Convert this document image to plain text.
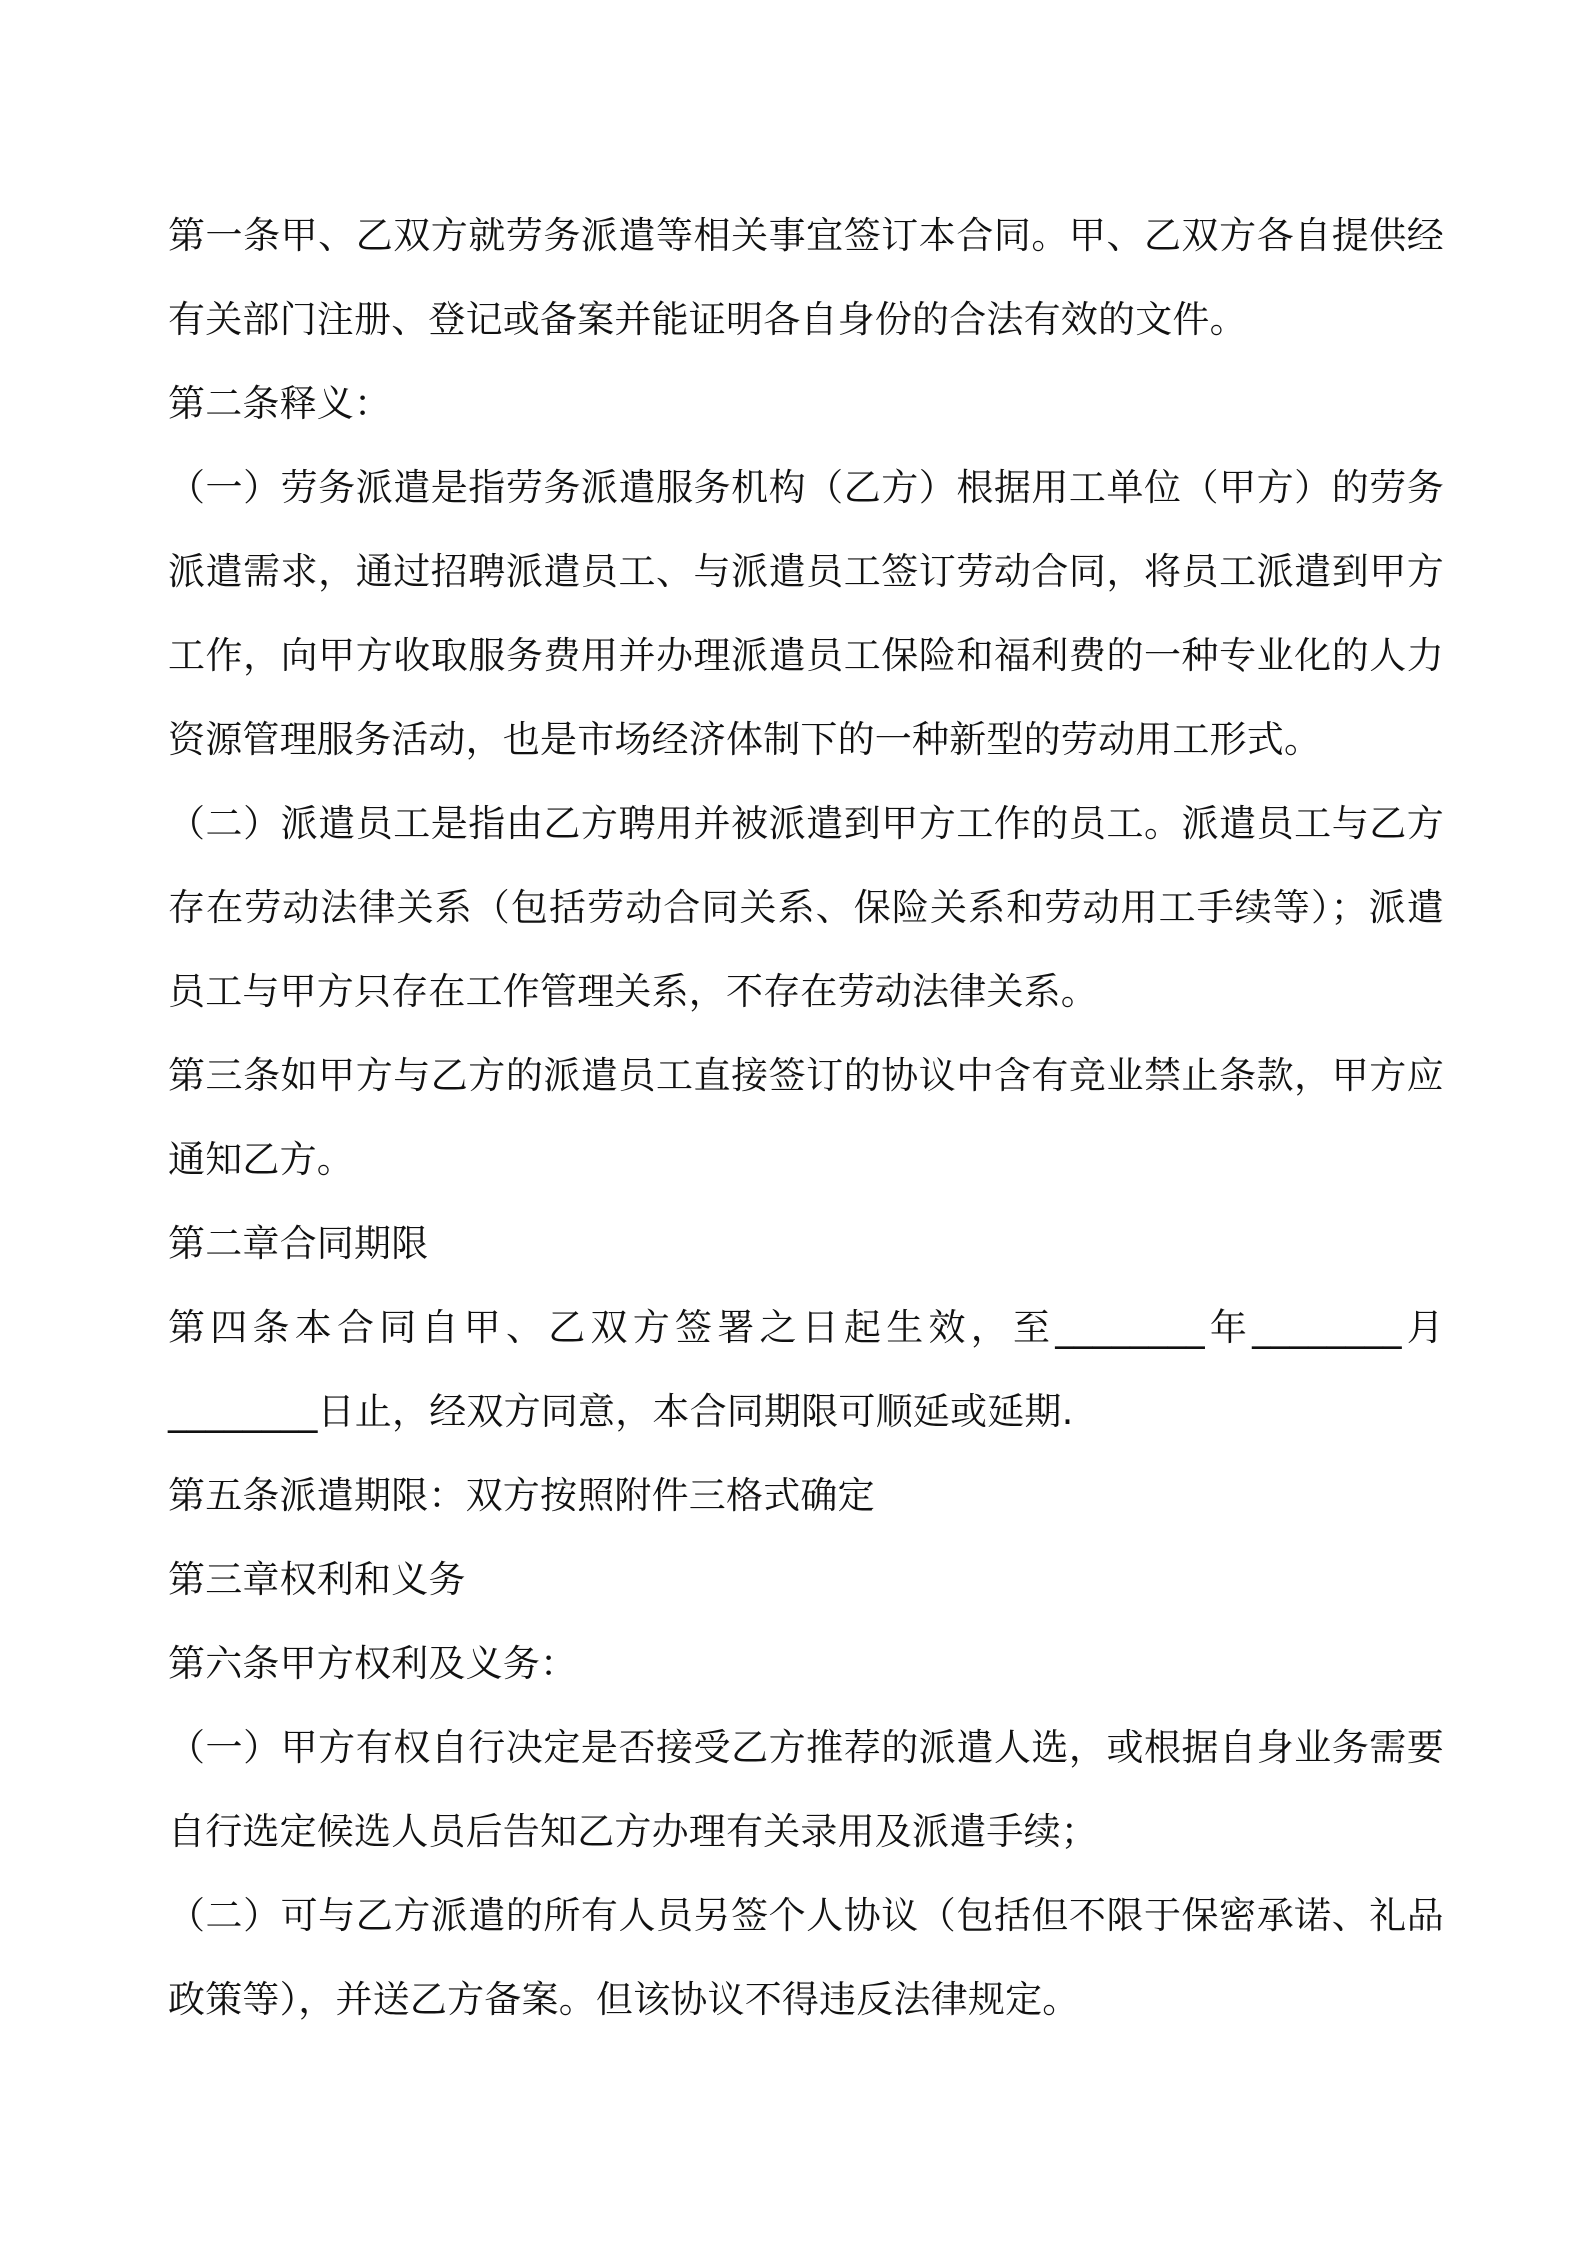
第一条甲、乙双方就劳务派遣等相关事宜签订本合同。甲、乙双方各自提供经有关部门注册、登记或备案并能证明各自身份的合法有效的文件。

第二条释义：

（一）劳务派遣是指劳务派遣服务机构（乙方）根据用工单位（甲方）的劳务派遣需求，通过招聘派遣员工、与派遣员工签订劳动合同，将员工派遣到甲方工作，向甲方收取服务费用并办理派遣员工保险和福利费的一种专业化的人力资源管理服务活动，也是市场经济体制下的一种新型的劳动用工形式。

（二）派遣员工是指由乙方聘用并被派遣到甲方工作的员工。派遣员工与乙方存在劳动法律关系（包括劳动合同关系、保险关系和劳动用工手续等）；派遣员工与甲方只存在工作管理关系，不存在劳动法律关系。

第三条如甲方与乙方的派遣员工直接签订的协议中含有竞业禁止条款，甲方应通知乙方。

第二章合同期限

第四条本合同自甲、乙双方签署之日起生效，至________年________月________日止，经双方同意，本合同期限可顺延或延期.

第五条派遣期限：双方按照附件三格式确定

第三章权利和义务

第六条甲方权利及义务：

（一）甲方有权自行决定是否接受乙方推荐的派遣人选，或根据自身业务需要自行选定候选人员后告知乙方办理有关录用及派遣手续；

（二）可与乙方派遣的所有人员另签个人协议（包括但不限于保密承诺、礼品政策等），并送乙方备案。但该协议不得违反法律规定。
